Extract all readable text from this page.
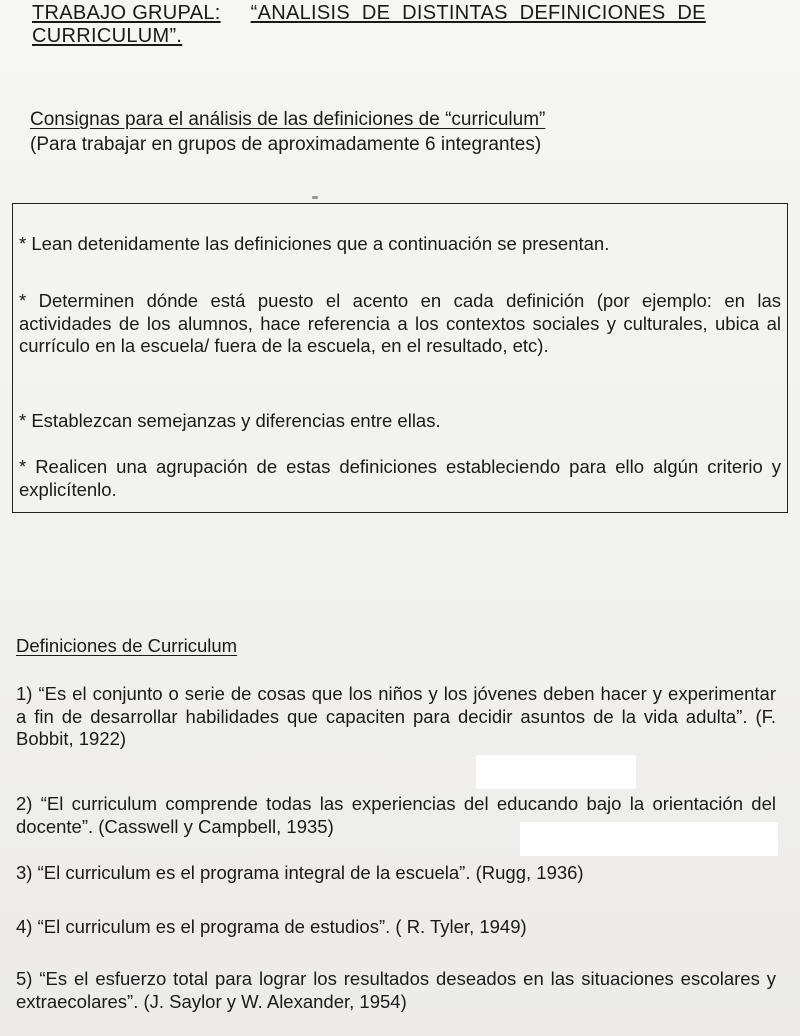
TRABAJO GRUPAL: “ANALISIS DE DISTINTAS DEFINICIONES DE
CURRICULUM”.
Consignas para el análisis de las definiciones de “curriculum”
(Para trabajar en grupos de aproximadamente 6 integrantes)

* Lean detenidamente las definiciones que a continuación se presentan.

* Determinen dónde está puesto el acento en cada definición (por ejemplo: en las actividades de los alumnos, hace referencia a los contextos sociales y culturales, ubica al currículo en la escuela/ fuera de la escuela, en el resultado, etc).

* Establezcan semejanzas y diferencias entre ellas.

* Realicen una agrupación de estas definiciones estableciendo para ello algún criterio y explicítenlo.

Definiciones de Curriculum

1) “Es el conjunto o serie de cosas que los niños y los jóvenes deben hacer y experimentar a fin de desarrollar habilidades que capaciten para decidir asuntos de la vida adulta”. (F. Bobbit, 1922)

2) “El curriculum comprende todas las experiencias del educando bajo la orientación del docente”. (Casswell y Campbell, 1935)

3) “El curriculum es el programa integral de la escuela”. (Rugg, 1936)

4) “El curriculum es el programa de estudios”. ( R. Tyler, 1949)

5) “Es el esfuerzo total para lograr los resultados deseados en las situaciones escolares y extraecolares”. (J. Saylor y W. Alexander, 1954)
